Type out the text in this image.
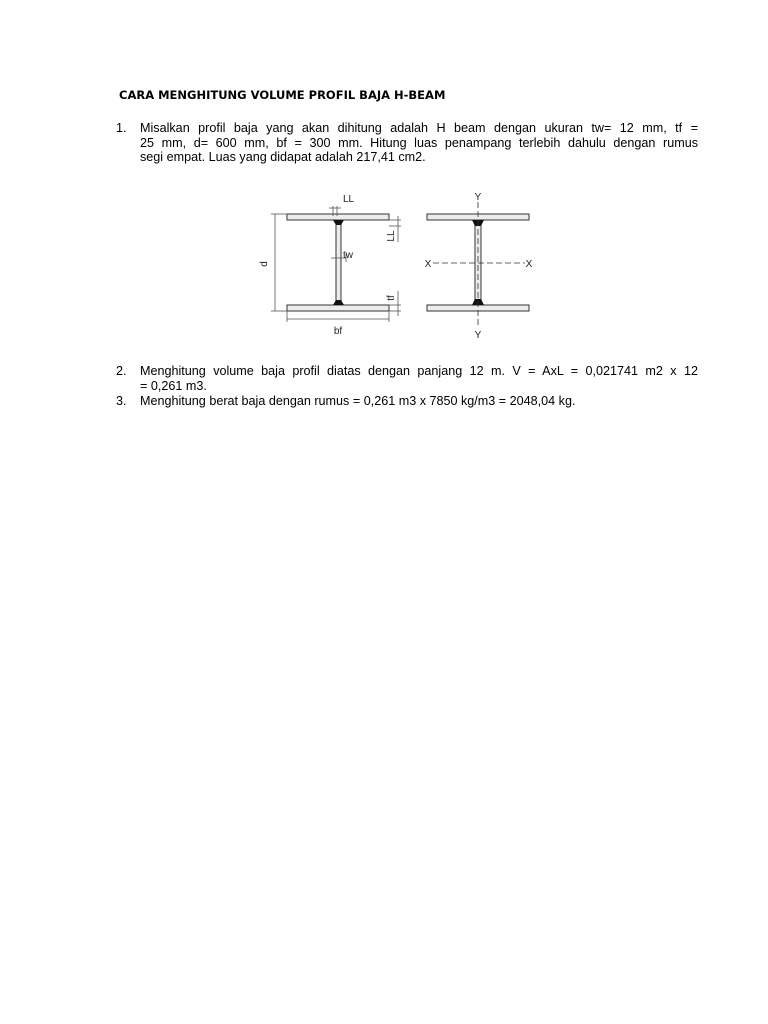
CARA MENGHITUNG VOLUME PROFIL BAJA H-BEAM
1. Misalkan profil baja yang akan dihitung adalah H beam dengan ukuran tw= 12 mm, tf =
25 mm, d= 600 mm, bf = 300 mm. Hitung luas penampang terlebih dahulu dengan rumus
segi empat. Luas yang didapat adalah 217,41 cm2.
d
bf
LL
LL
tw
tf
Y
Y
X	X
2. Menghitung volume baja profil diatas dengan panjang 12 m. V = AxL = 0,021741 m2 x 12
= 0,261 m3.
3. Menghitung berat baja dengan rumus = 0,261 m3 x 7850 kg/m3 = 2048,04 kg.
